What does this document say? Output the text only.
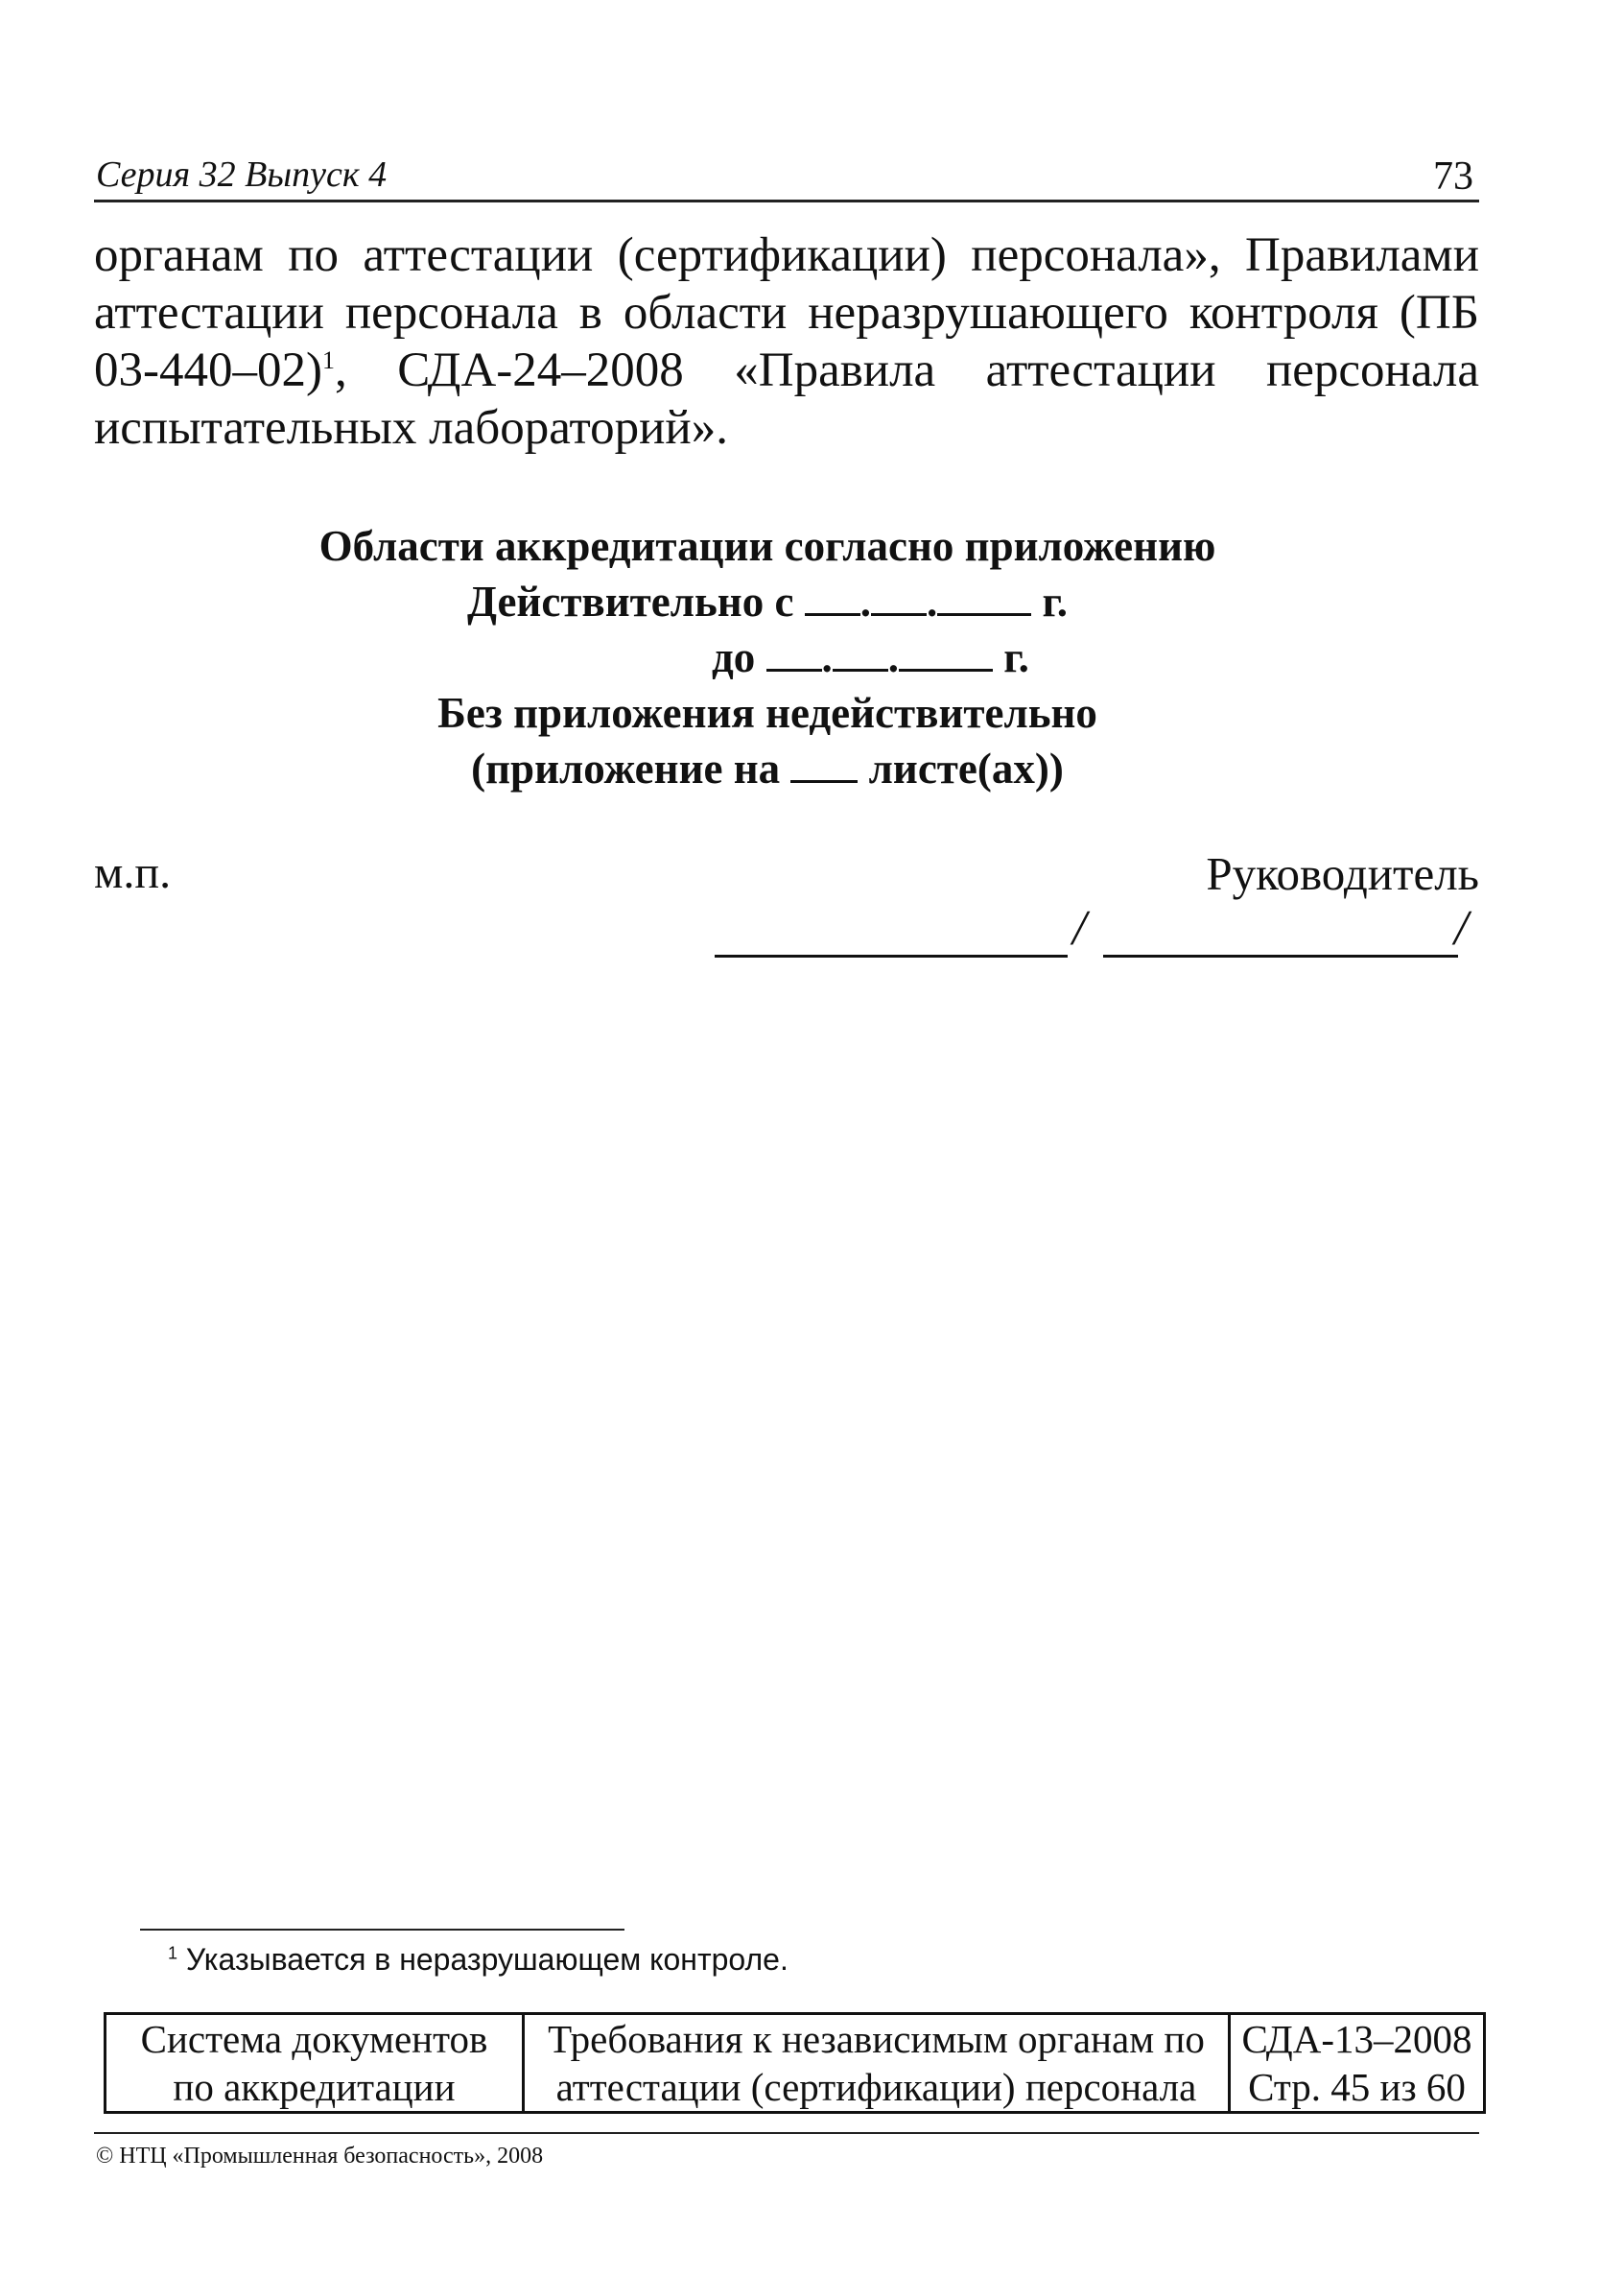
Серия 32 Выпуск 4	73

органам по аттестации (сертификации) персонала», Правилами аттестации персонала в области неразрушающего контроля (ПБ 03-440–02)$^1$, СДА-24–2008 «Правила аттестации персонала испытательных лабораторий».

Области аккредитации согласно приложению
Действительно с . . г.
до . . г.
Без приложения недействительно
(приложение на листе(ах))
м.п.	Руководитель
/	/
$^1$ Указывается в неразрушающем контроле.
Система документов
по аккредитации

Требования к независимым органам по
аттестации (сертификации) персонала

СДА-13–2008
Стр. 45 из 60
© НТЦ «Промышленная безопасность», 2008
